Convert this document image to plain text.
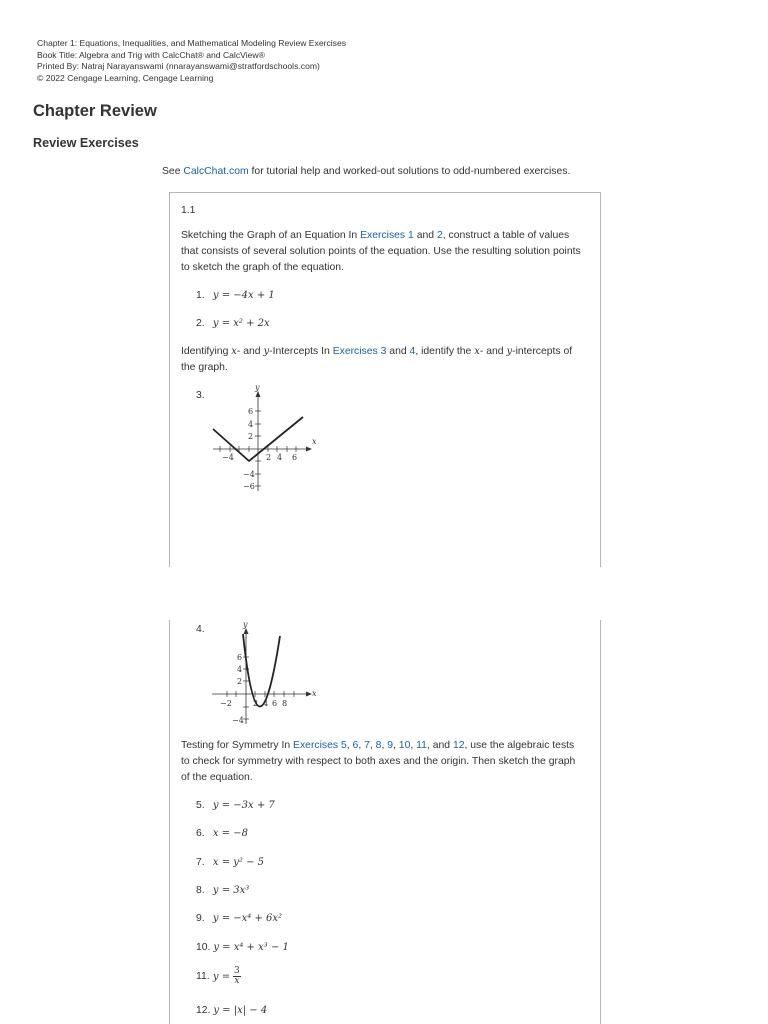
Chapter 1: Equations, Inequalities, and Mathematical Modeling Review Exercises
Book Title: Algebra and Trig with CalcChat® and CalcView®
Printed By: Natraj Narayanswami (nnarayanswami@stratfordschools.com)
© 2022 Cengage Learning, Cengage Learning
Chapter Review
Review Exercises
See CalcChat.com for tutorial help and worked-out solutions to odd-numbered exercises.
1.1
Sketching the Graph of an Equation In Exercises 1 and 2, construct a table of values that consists of several solution points of the equation. Use the resulting solution points to sketch the graph of the equation.
1. y = −4x + 1
2. y = x² + 2x
Identifying x- and y-Intercepts In Exercises 3 and 4, identify the x- and y-intercepts of the graph.
3.
x
y
−4	2 4 6
6
4
2
−4
−6
4.
x
y
−2	2 4 6 8
6
4
2
−4
Testing for Symmetry In Exercises 5, 6, 7, 8, 9, 10, 11, and 12, use the algebraic tests to check for symmetry with respect to both axes and the origin. Then sketch the graph of the equation.
5. y = −3x + 7
6. x = −8
7. x = y² − 5
8. y = 3x³
9. y = −x⁴ + 6x²
10. y = x⁴ + x³ − 1
11. $y = \frac{3}{x}$
12. y = |x| − 4
